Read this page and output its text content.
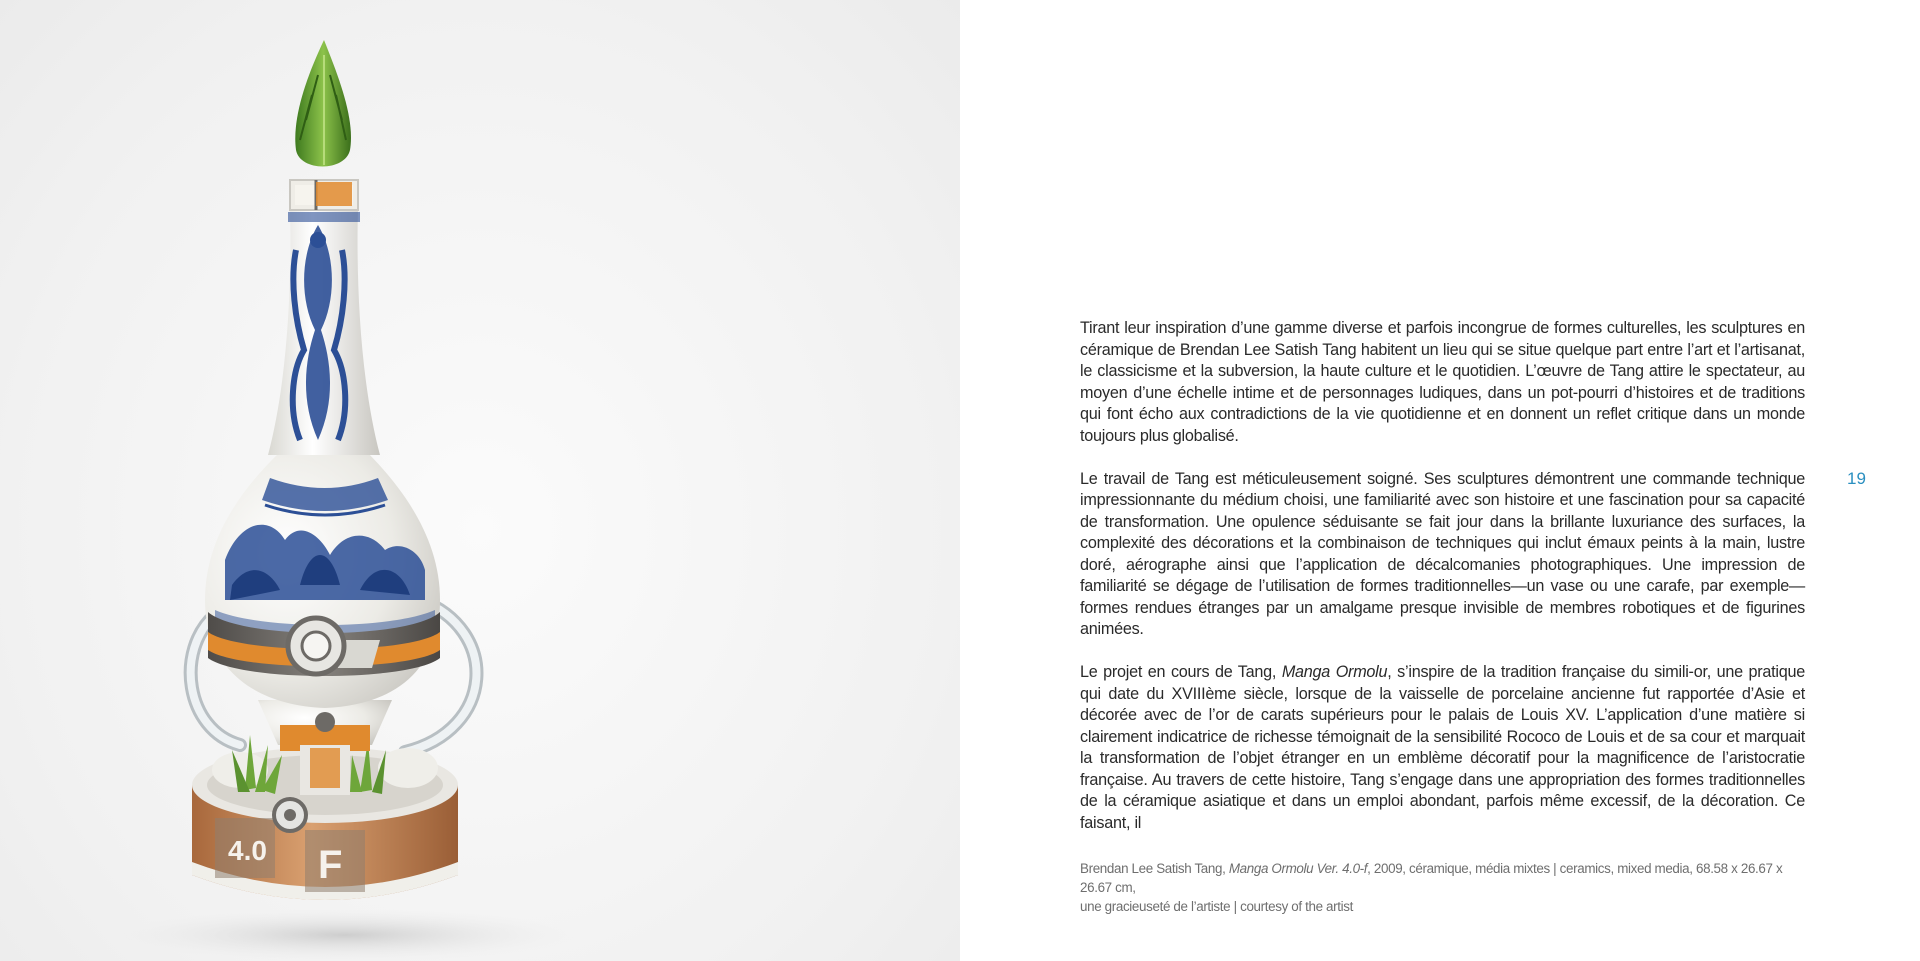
4.0 F
19

Tirant leur inspiration d’une gamme diverse et parfois incongrue de formes culturelles, les sculptures en céramique de Brendan Lee Satish Tang habitent un lieu qui se situe quelque part entre l’art et l’artisanat, le classicisme et la subversion, la haute culture et le quotidien. L’œuvre de Tang attire le spectateur, au moyen d’une échelle intime et de personnages ludiques, dans un pot-pourri d’histoires et de traditions qui font écho aux contradictions de la vie quotidienne et en donnent un reflet critique dans un monde toujours plus globalisé.

Le travail de Tang est méticuleusement soigné. Ses sculptures démontrent une commande technique impressionnante du médium choisi, une familiarité avec son histoire et une fascination pour sa capacité de transformation. Une opulence séduisante se fait jour dans la brillante luxuriance des surfaces, la complexité des décorations et la combinaison de techniques qui inclut émaux peints à la main, lustre doré, aérographe ainsi que l’application de décalcomanies photographiques. Une impression de familiarité se dégage de l’utilisation de formes traditionnelles—un vase ou une carafe, par exemple—formes rendues étranges par un amalgame presque invisible de membres robotiques et de figurines animées.

Le projet en cours de Tang, Manga Ormolu, s’inspire de la tradition française du simili-or, une pratique qui date du XVIIIème siècle, lorsque de la vaisselle de porcelaine ancienne fut rapportée d’Asie et décorée avec de l’or de carats supérieurs pour le palais de Louis XV. L’application d’une matière si clairement indicatrice de richesse témoignait de la sensibilité Rococo de Louis et de sa cour et marquait la transformation de l’objet étranger en un emblème décoratif pour la magnificence de l’aristocratie française. Au travers de cette histoire, Tang s’engage dans une appropriation des formes traditionnelles de la céramique asiatique et dans un emploi abondant, parfois même excessif, de la décoration. Ce faisant, il

Brendan Lee Satish Tang, Manga Ormolu Ver. 4.0-f, 2009, céramique, média mixtes | ceramics, mixed media, 68.58 x 26.67 x 26.67 cm,
une gracieuseté de l’artiste | courtesy of the artist
